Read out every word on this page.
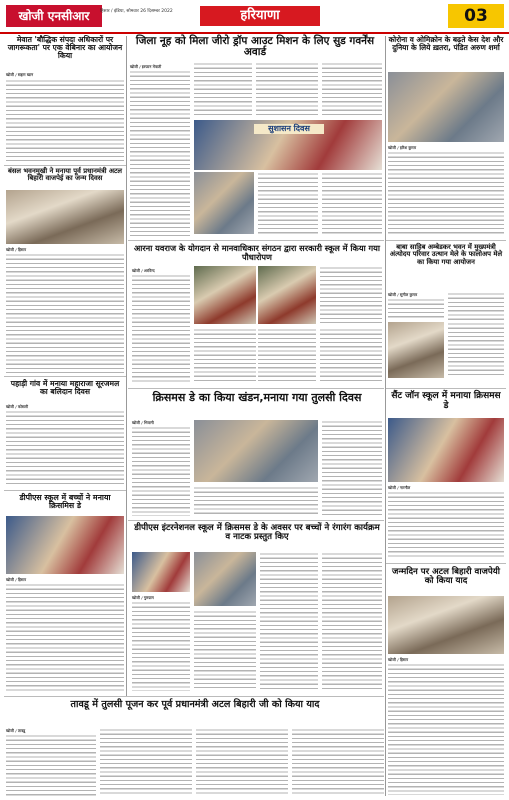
खोजी एनसीआर	हिसार / इंडिया, सोमवार 26 दिसम्बर 2022	हरियाणा	03
मेवात 'बौद्धिक संपदा अधिकारों पर जागरूकता' पर एक वेबिनार का आयोजन किया
खोजी / सद्दाम खान
जिला नूह को मिला जीरो ड्रॉप आउट मिशन के लिए सुड गवर्नेंस अवार्ड
खोजी / इरफान मेवाती
सुशासन दिवस
कोरोना व ओमिक्रोन के बढ़ते केस देश और दुनिया के लिये ख़तरा, पंडित अरुण शर्मा
खोजी / हरिश कुमार
बंसल भवनमुखी ने मनाया पूर्व प्रधानमंत्री अटल बिहारी वाजपेई का जन्म दिवस
खोजी / हिसार	आरना यवराज के योगदान से मानवाधिकार संगठन द्वारा सरकारी स्कूल में किया गया पौधारोपण
खोजी / अरविन्द
बाबा साहिब अम्बेडकर भवन में मुख्यमंत्री अंत्योदय परिवार उत्थान मेले के फालोअप मेले का किया गया आयोजन
खोजी / सुनील कुमार
पहाड़ी गांव में मनाया महाराजा सूरजमल का बलिदान दिवस
खोजी / कोसली
क्रिसमस डे का किया खंडन,मनाया गया तुलसी दिवस
खोजी / भिवानी
सैंट जॉन स्कूल में मनाया क्रिसमस डे
खोजी / नारनौल
डीपीएस स्कूल में बच्चों ने मनाया क्रिसमिस डे
खोजी / हिसार
डीपीएस इंटरनेशनल स्कूल में क्रिसमस डे के अवसर पर बच्चों ने रंगारंग कार्यक्रम व नाटक प्रस्तुत किए
खोजी / गुरुग्राम
जन्मदिन पर अटल बिहारी वाजपेयी को किया याद
खोजी / हिसार
तावडू में तुलसी पूजन कर पूर्व प्रधानमंत्री अटल बिहारी जी को किया याद
खोजी / तावडू
